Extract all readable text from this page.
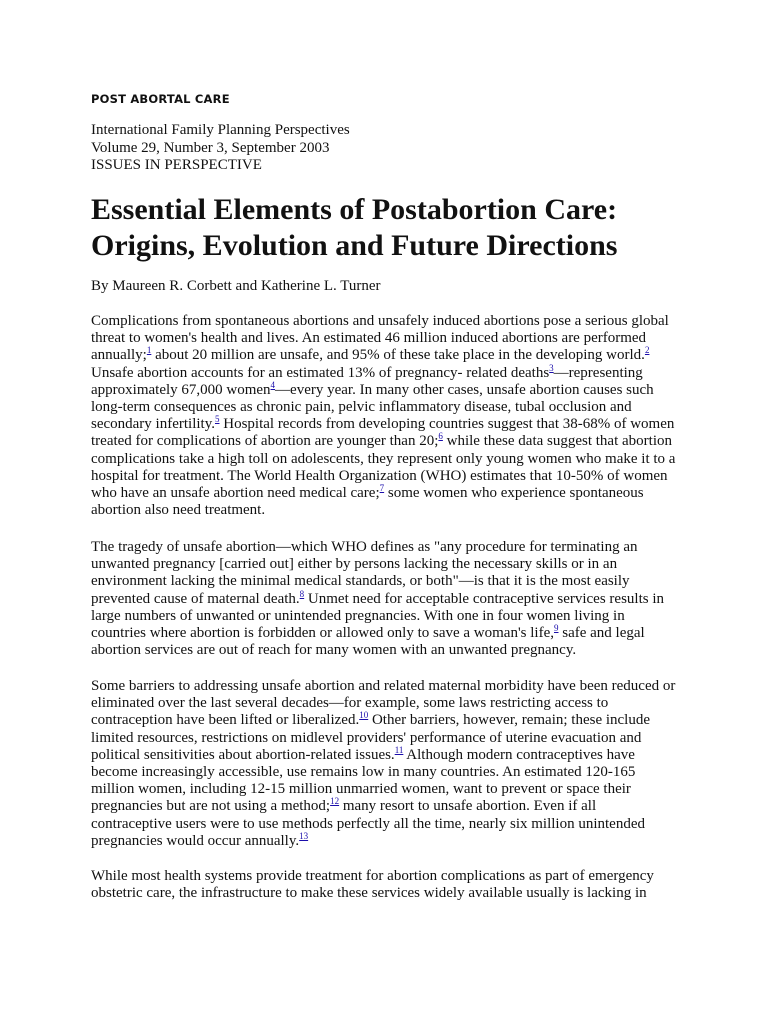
POST ABORTAL CARE
International Family Planning Perspectives
Volume 29, Number 3, September 2003
ISSUES IN PERSPECTIVE
Essential Elements of Postabortion Care:
Origins, Evolution and Future Directions
By Maureen R. Corbett and Katherine L. Turner
Complications from spontaneous abortions and unsafely induced abortions pose a serious global
threat to women's health and lives. An estimated 46 million induced abortions are performed
annually;$^1$ about 20 million are unsafe, and 95% of these take place in the developing world.$^2$
Unsafe abortion accounts for an estimated 13% of pregnancy- related deaths$^3$—representing
approximately 67,000 women$^4$—every year. In many other cases, unsafe abortion causes such
long-term consequences as chronic pain, pelvic inflammatory disease, tubal occlusion and
secondary infertility.$^5$ Hospital records from developing countries suggest that 38-68% of women
treated for complications of abortion are younger than 20;$^6$ while these data suggest that abortion
complications take a high toll on adolescents, they represent only young women who make it to a
hospital for treatment. The World Health Organization (WHO) estimates that 10-50% of women
who have an unsafe abortion need medical care;$^7$ some women who experience spontaneous
abortion also need treatment.
The tragedy of unsafe abortion—which WHO defines as "any procedure for terminating an
unwanted pregnancy [carried out] either by persons lacking the necessary skills or in an
environment lacking the minimal medical standards, or both"—is that it is the most easily
prevented cause of maternal death.$^8$ Unmet need for acceptable contraceptive services results in
large numbers of unwanted or unintended pregnancies. With one in four women living in
countries where abortion is forbidden or allowed only to save a woman's life,$^9$ safe and legal
abortion services are out of reach for many women with an unwanted pregnancy.
Some barriers to addressing unsafe abortion and related maternal morbidity have been reduced or
eliminated over the last several decades—for example, some laws restricting access to
contraception have been lifted or liberalized.$^{10}$ Other barriers, however, remain; these include
limited resources, restrictions on midlevel providers' performance of uterine evacuation and
political sensitivities about abortion-related issues.$^{11}$ Although modern contraceptives have
become increasingly accessible, use remains low in many countries. An estimated 120-165
million women, including 12-15 million unmarried women, want to prevent or space their
pregnancies but are not using a method;$^{12}$ many resort to unsafe abortion. Even if all
contraceptive users were to use methods perfectly all the time, nearly six million unintended
pregnancies would occur annually.$^{13}$
While most health systems provide treatment for abortion complications as part of emergency
obstetric care, the infrastructure to make these services widely available usually is lacking in
